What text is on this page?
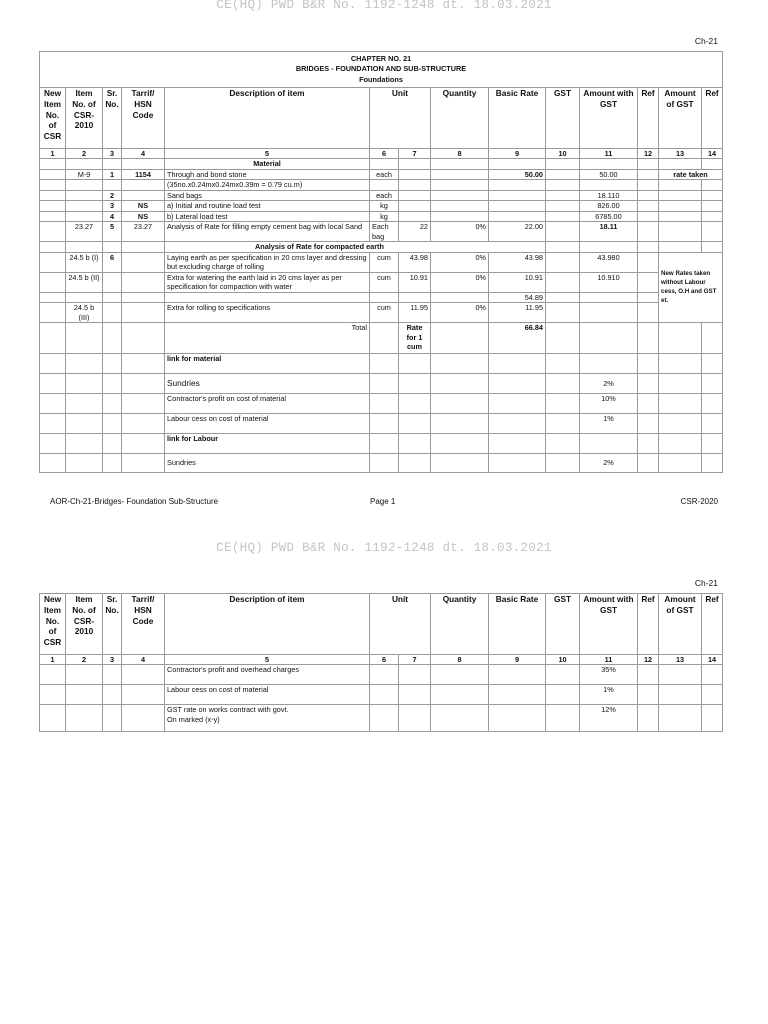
CE(HQ) PWD B&R No. 1192-1248 dt. 18.03.2021
Ch-21
CHAPTER NO. 21
BRIDGES - FOUNDATION AND SUB-STRUCTURE
Foundations													

New Item No. of CSR	Item No. of CSR-2010	Sr. No.	Tarrif/ HSN Code	Description of item	Unit		Quantity	Basic Rate	GST	Amount with GST	Ref	Amount of GST	Ref
1	2	3	4	5	6	7	8	9	10	11	12	13	14
				Material									
	M-9	1	1154	Through and bond stone	each			50.00		50.00		rate taken	
				(35no.x0.24mx0.24mx0.39m = 0.79 cu.m)									
		2		Sand bags	each					18.110			
		3	NS	a) Initial and routine load test	kg					826.00			
		4	NS	b) Lateral load test	kg					6785.00			
	23.27	5	23.27	Analysis of Rate for filling empty cement bag with local Sand	Each bag	22	0%	22.00		18.11			
				Analysis of Rate for compacted earth									
	24.5 b (I)	6		Laying earth as per specification in 20 cms layer and dressing but excluding charge of rolling	cum	43.98	0%	43.98		43.980		New Rates taken without Labour cess, O.H and GST et.	
	24.5 b (II)			Extra for watering the earth laid in 20 cms layer as per specification for compaction with water	cum	10.91	0%	10.91		10.910			
								54.89					
	24.5 b (III)			Extra for rolling to specifications	cum	11.95	0%	11.95					
				Total		Rate for 1 cum		66.84					
				link for material									
				Sundries						2%			
				Contractor's profit on cost of material						10%			
				Labour cess on cost of material						1%			
				link for Labour									
				Sundries						2%			
AOR-Ch-21-Bridges- Foundation Sub-Structure	Page 1	CSR-2020
CE(HQ) PWD B&R No. 1192-1248 dt. 18.03.2021
Ch-21
New Item No. of CSR	Item No. of CSR-2010	Sr. No.	Tarrif/ HSN Code	Description of item	Unit		Quantity	Basic Rate	GST	Amount with GST	Ref	Amount of GST	Ref
1	2	3	4	5	6	7	8	9	10	11	12	13	14
				Contractor's profit and overhead charges						35%			
				Labour cess on cost of material						1%			

				GST rate on works contract with govt.
On marked (x-y)						12%			
